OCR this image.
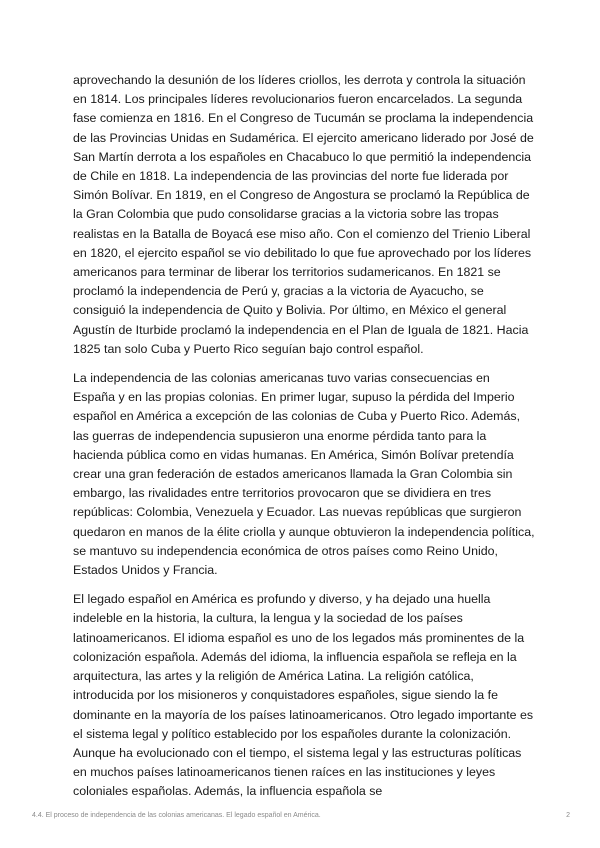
aprovechando la desunión de los líderes criollos, les derrota y controla la situación en 1814. Los principales líderes revolucionarios fueron encarcelados. La segunda fase comienza en 1816. En el Congreso de Tucumán se proclama la independencia de las Provincias Unidas en Sudamérica. El ejercito americano liderado por José de San Martín derrota a los españoles en Chacabuco lo que permitió la independencia de Chile en 1818. La independencia de las provincias del norte fue liderada por Simón Bolívar. En 1819, en el Congreso de Angostura se proclamó la República de la Gran Colombia que pudo consolidarse gracias a la victoria sobre las tropas realistas en la Batalla de Boyacá ese miso año. Con el comienzo del Trienio Liberal en 1820, el ejercito español se vio debilitado lo que fue aprovechado por los líderes americanos para terminar de liberar los territorios sudamericanos. En 1821 se proclamó la independencia de Perú y, gracias a la victoria de Ayacucho, se consiguió la independencia de Quito y Bolivia. Por último, en México el general Agustín de Iturbide proclamó la independencia en el Plan de Iguala de 1821. Hacia 1825 tan solo Cuba y Puerto Rico seguían bajo control español.

La independencia de las colonias americanas tuvo varias consecuencias en España y en las propias colonias. En primer lugar, supuso la pérdida del Imperio español en América a excepción de las colonias de Cuba y Puerto Rico. Además, las guerras de independencia supusieron una enorme pérdida tanto para la hacienda pública como en vidas humanas. En América, Simón Bolívar pretendía crear una gran federación de estados americanos llamada la Gran Colombia sin embargo, las rivalidades entre territorios provocaron que se dividiera en tres repúblicas: Colombia, Venezuela y Ecuador. Las nuevas repúblicas que surgieron quedaron en manos de la élite criolla y aunque obtuvieron la independencia política, se mantuvo su independencia económica de otros países como Reino Unido, Estados Unidos y Francia.

El legado español en América es profundo y diverso, y ha dejado una huella indeleble en la historia, la cultura, la lengua y la sociedad de los países latinoamericanos. El idioma español es uno de los legados más prominentes de la colonización española. Además del idioma, la influencia española se refleja en la arquitectura, las artes y la religión de América Latina. La religión católica, introducida por los misioneros y conquistadores españoles, sigue siendo la fe dominante en la mayoría de los países latinoamericanos. Otro legado importante es el sistema legal y político establecido por los españoles durante la colonización. Aunque ha evolucionado con el tiempo, el sistema legal y las estructuras políticas en muchos países latinoamericanos tienen raíces en las instituciones y leyes coloniales españolas. Además, la influencia española se

4.4. El proceso de independencia de las colonias americanas. El legado español en América.	2
